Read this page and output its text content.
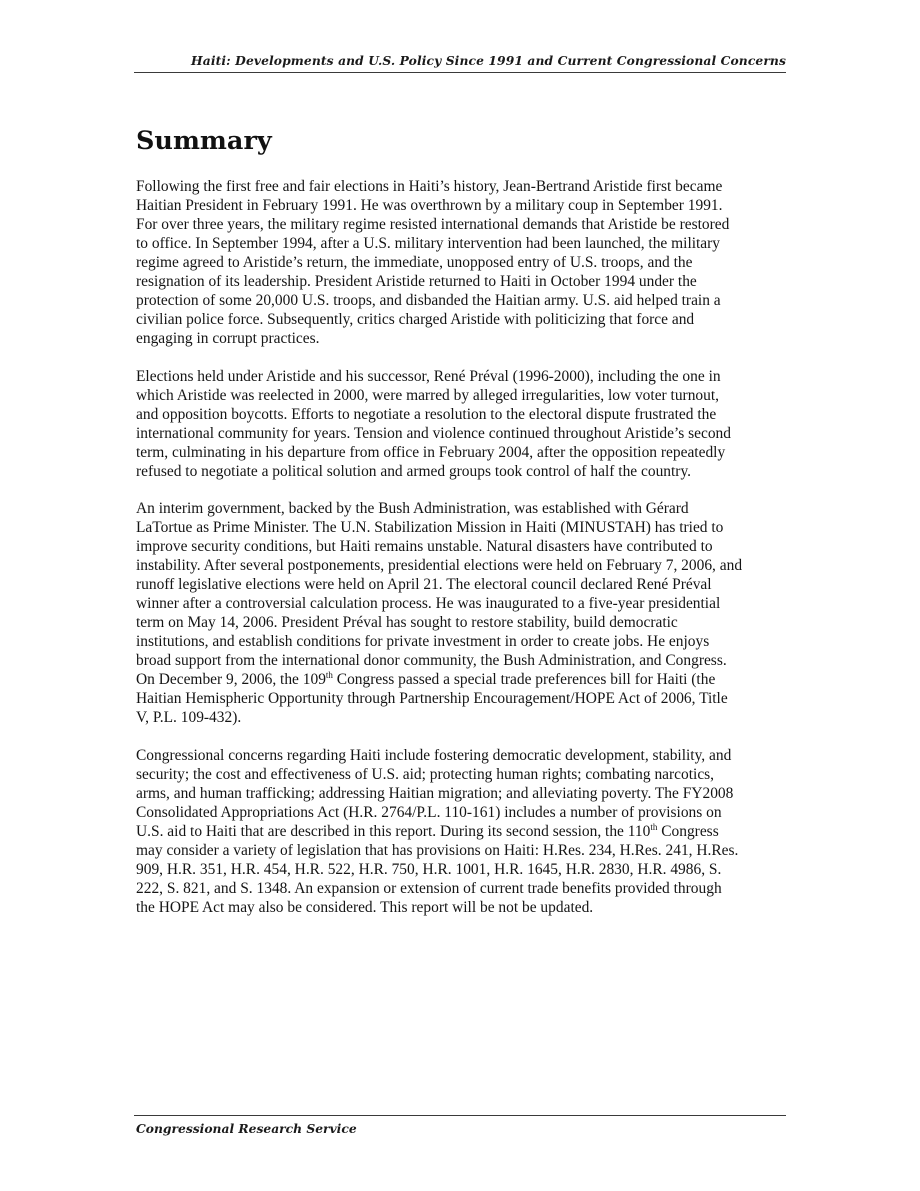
Haiti: Developments and U.S. Policy Since 1991 and Current Congressional Concerns
Summary

Following the first free and fair elections in Haiti’s history, Jean-Bertrand Aristide first became
Haitian President in February 1991. He was overthrown by a military coup in September 1991.
For over three years, the military regime resisted international demands that Aristide be restored
to office. In September 1994, after a U.S. military intervention had been launched, the military
regime agreed to Aristide’s return, the immediate, unopposed entry of U.S. troops, and the
resignation of its leadership. President Aristide returned to Haiti in October 1994 under the
protection of some 20,000 U.S. troops, and disbanded the Haitian army. U.S. aid helped train a
civilian police force. Subsequently, critics charged Aristide with politicizing that force and
engaging in corrupt practices.

Elections held under Aristide and his successor, René Préval (1996-2000), including the one in
which Aristide was reelected in 2000, were marred by alleged irregularities, low voter turnout,
and opposition boycotts. Efforts to negotiate a resolution to the electoral dispute frustrated the
international community for years. Tension and violence continued throughout Aristide’s second
term, culminating in his departure from office in February 2004, after the opposition repeatedly
refused to negotiate a political solution and armed groups took control of half the country.

An interim government, backed by the Bush Administration, was established with Gérard
LaTortue as Prime Minister. The U.N. Stabilization Mission in Haiti (MINUSTAH) has tried to
improve security conditions, but Haiti remains unstable. Natural disasters have contributed to
instability. After several postponements, presidential elections were held on February 7, 2006, and
runoff legislative elections were held on April 21. The electoral council declared René Préval
winner after a controversial calculation process. He was inaugurated to a five-year presidential
term on May 14, 2006. President Préval has sought to restore stability, build democratic
institutions, and establish conditions for private investment in order to create jobs. He enjoys
broad support from the international donor community, the Bush Administration, and Congress.
On December 9, 2006, the 109th Congress passed a special trade preferences bill for Haiti (the
Haitian Hemispheric Opportunity through Partnership Encouragement/HOPE Act of 2006, Title
V, P.L. 109-432).

Congressional concerns regarding Haiti include fostering democratic development, stability, and
security; the cost and effectiveness of U.S. aid; protecting human rights; combating narcotics,
arms, and human trafficking; addressing Haitian migration; and alleviating poverty. The FY2008
Consolidated Appropriations Act (H.R. 2764/P.L. 110-161) includes a number of provisions on
U.S. aid to Haiti that are described in this report. During its second session, the 110th Congress
may consider a variety of legislation that has provisions on Haiti: H.Res. 234, H.Res. 241, H.Res.
909, H.R. 351, H.R. 454, H.R. 522, H.R. 750, H.R. 1001, H.R. 1645, H.R. 2830, H.R. 4986, S.
222, S. 821, and S. 1348. An expansion or extension of current trade benefits provided through
the HOPE Act may also be considered. This report will be not be updated.

Congressional Research Service
